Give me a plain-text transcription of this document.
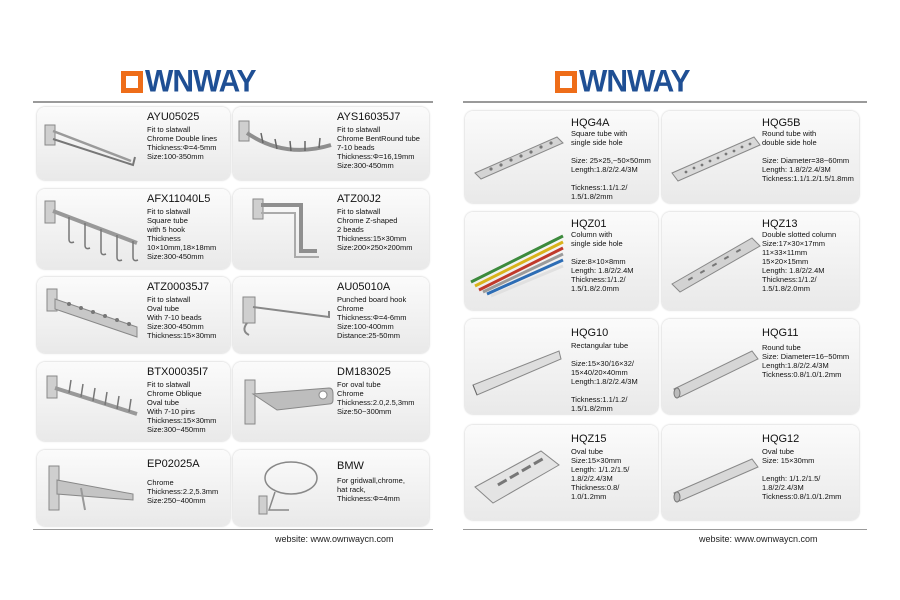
WNWAY
AYU05025
Fit to slatwall
Chrome Double lines
Thickness:Φ=4-5mm
Size:100-350mm
AYS16035J7
Fit to slatwall
Chrome BentRound tube
7-10 beads
Thickness:Φ=16,19mm
Size:300-450mm
AFX11040L5
Fit to slatwall
Square tube
with 5 hook
Thickness
10×10mm,18×18mm
Size:300-450mm
ATZ00J2
Fit to slatwall
Chrome Z-shaped
2 beads
Thickness:15×30mm
Size:200×250×200mm
ATZ00035J7
Fit to slatwall
Oval tube
With 7-10 beads
Size:300-450mm
Thickness:15×30mm
AU05010A
Punched board hook
Chrome
Thickness:Φ=4-6mm
Size:100-400mm
Distance:25-50mm
BTX00035I7
Fit to slatwall
Chrome Oblique
Oval tube
With 7-10 pins
Thickness:15×30mm
Size:300~450mm
DM183025
For oval tube
Chrome
Thickness:2.0,2.5,3mm
Size:50~300mm
EP02025A
Chrome
Thickness:2.2,5.3mm
Size:250~400mm
BMW
For gridwall,chrome,
hat rack,
Thickness:Φ=4mm
website: www.ownwaycn.com
WNWAY
HQG4A
Square tube with
single side hole

Size: 25×25,~50×50mm
Length:1.8/2/2.4/3M

Tickness:1.1/1.2/
1.5/1.8/2mm
HQG5B
Round tube with
double side hole

Size: Diameter=38~60mm
Length: 1.8/2/2.4/3M
Tickness:1.1/1.2/1.5/1.8mm
HQZ01
Column with
single side hole

Size:8×10×8mm
Length: 1.8/2/2.4M
Thickness:1/1.2/
1.5/1.8/2.0mm
HQZ13
Double slotted column
Size:17×30×17mm
11×33×11mm
15×20×15mm
Length: 1.8/2/2.4M
Thickness:1/1.2/
1.5/1.8/2.0mm
HQG10
Rectangular tube

Size:15×30/16×32/
15×40/20×40mm
Length:1.8/2/2.4/3M

Tickness:1.1/1.2/
1.5/1.8/2mm
HQG11
Round tube
Size: Diameter=16~50mm
Length:1.8/2/2.4/3M
Tickness:0.8/1.0/1.2mm
HQZ15
Oval tube
Size:15×30mm
Length: 1/1.2/1.5/
1.8/2/2.4/3M
Thickness:0.8/
1.0/1.2mm
HQG12
Oval tube
Size: 15×30mm

Length: 1/1.2/1.5/
1.8/2/2.4/3M
Tickness:0.8/1.0/1.2mm
website: www.ownwaycn.com
